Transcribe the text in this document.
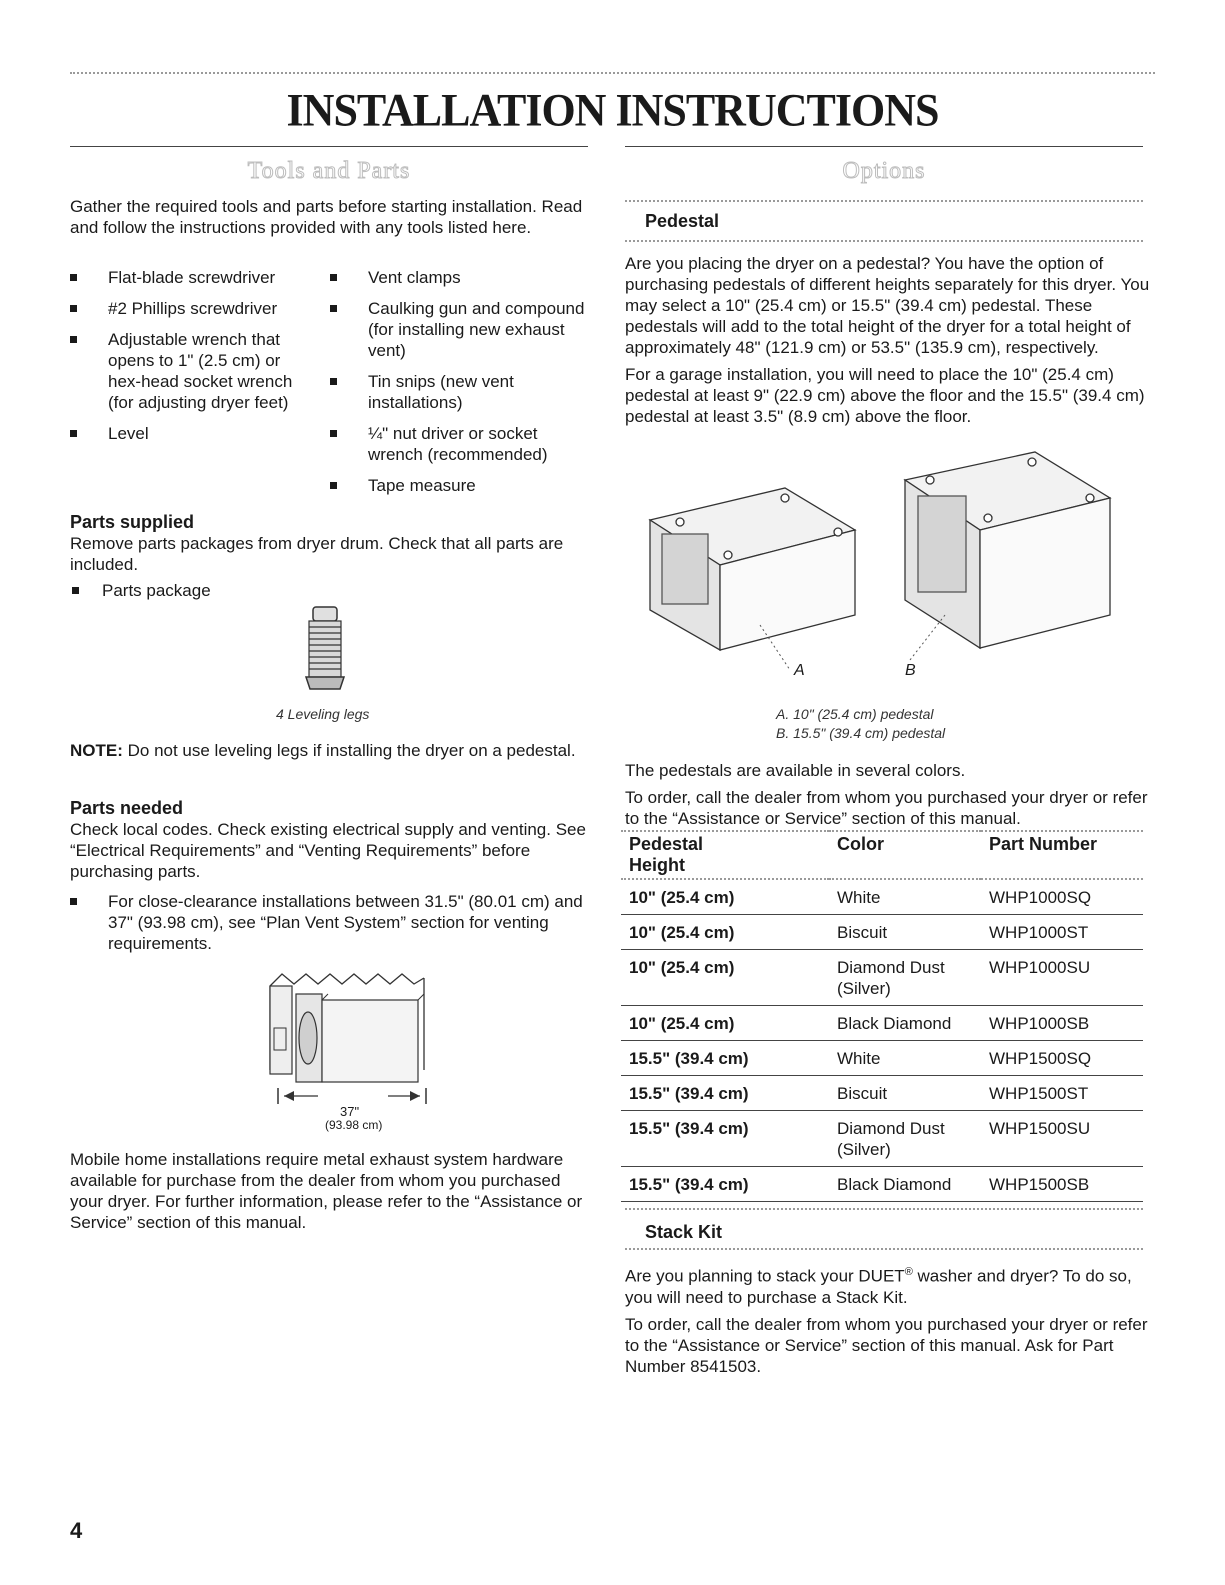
INSTALLATION INSTRUCTIONS
Tools and Parts

Gather the required tools and parts before starting installation. Read and follow the instructions provided with any tools listed here.

Flat-blade screwdriver
#2 Phillips screwdriver
Adjustable wrench that opens to 1" (2.5 cm) or hex-head socket wrench (for adjusting dryer feet)
Level
Vent clamps
Caulking gun and compound (for installing new exhaust vent)
Tin snips (new vent installations)
¼" nut driver or socket wrench (recommended)
Tape measure
Parts supplied

Remove parts packages from dryer drum. Check that all parts are included.

Parts package
4 Leveling legs

NOTE: Do not use leveling legs if installing the dryer on a pedestal.

Parts needed

Check local codes. Check existing electrical supply and venting. See “Electrical Requirements” and “Venting Requirements” before purchasing parts.

For close-clearance installations between 31.5" (80.01 cm) and 37" (93.98 cm), see “Plan Vent System” section for venting requirements.
37"
(93.98 cm)

Mobile home installations require metal exhaust system hardware available for purchase from the dealer from whom you purchased your dryer. For further information, please refer to the “Assistance or Service” section of this manual.

Options
Pedestal

Are you placing the dryer on a pedestal? You have the option of purchasing pedestals of different heights separately for this dryer. You may select a 10" (25.4 cm) or 15.5" (39.4 cm) pedestal. These pedestals will add to the total height of the dryer for a total height of approximately 48" (121.9 cm) or 53.5" (135.9 cm), respectively.

For a garage installation, you will need to place the 10" (25.4 cm) pedestal at least 9" (22.9 cm) above the floor and the 15.5" (39.4 cm) pedestal at least 3.5" (8.9 cm) above the floor.

A	B
A. 10" (25.4 cm) pedestal
B. 15.5" (39.4 cm) pedestal

The pedestals are available in several colors.

To order, call the dealer from whom you purchased your dryer or refer to the “Assistance or Service” section of this manual.

Pedestal Height	Color	Part Number
10" (25.4 cm)	White	WHP1000SQ
10" (25.4 cm)	Biscuit	WHP1000ST
10" (25.4 cm)	Diamond Dust (Silver)	WHP1000SU
10" (25.4 cm)	Black Diamond	WHP1000SB
15.5" (39.4 cm)	White	WHP1500SQ
15.5" (39.4 cm)	Biscuit	WHP1500ST
15.5" (39.4 cm)	Diamond Dust (Silver)	WHP1500SU
15.5" (39.4 cm)	Black Diamond	WHP1500SB
Stack Kit

Are you planning to stack your DUET® washer and dryer? To do so, you will need to purchase a Stack Kit.

To order, call the dealer from whom you purchased your dryer or refer to the “Assistance or Service” section of this manual. Ask for Part Number 8541503.

4
